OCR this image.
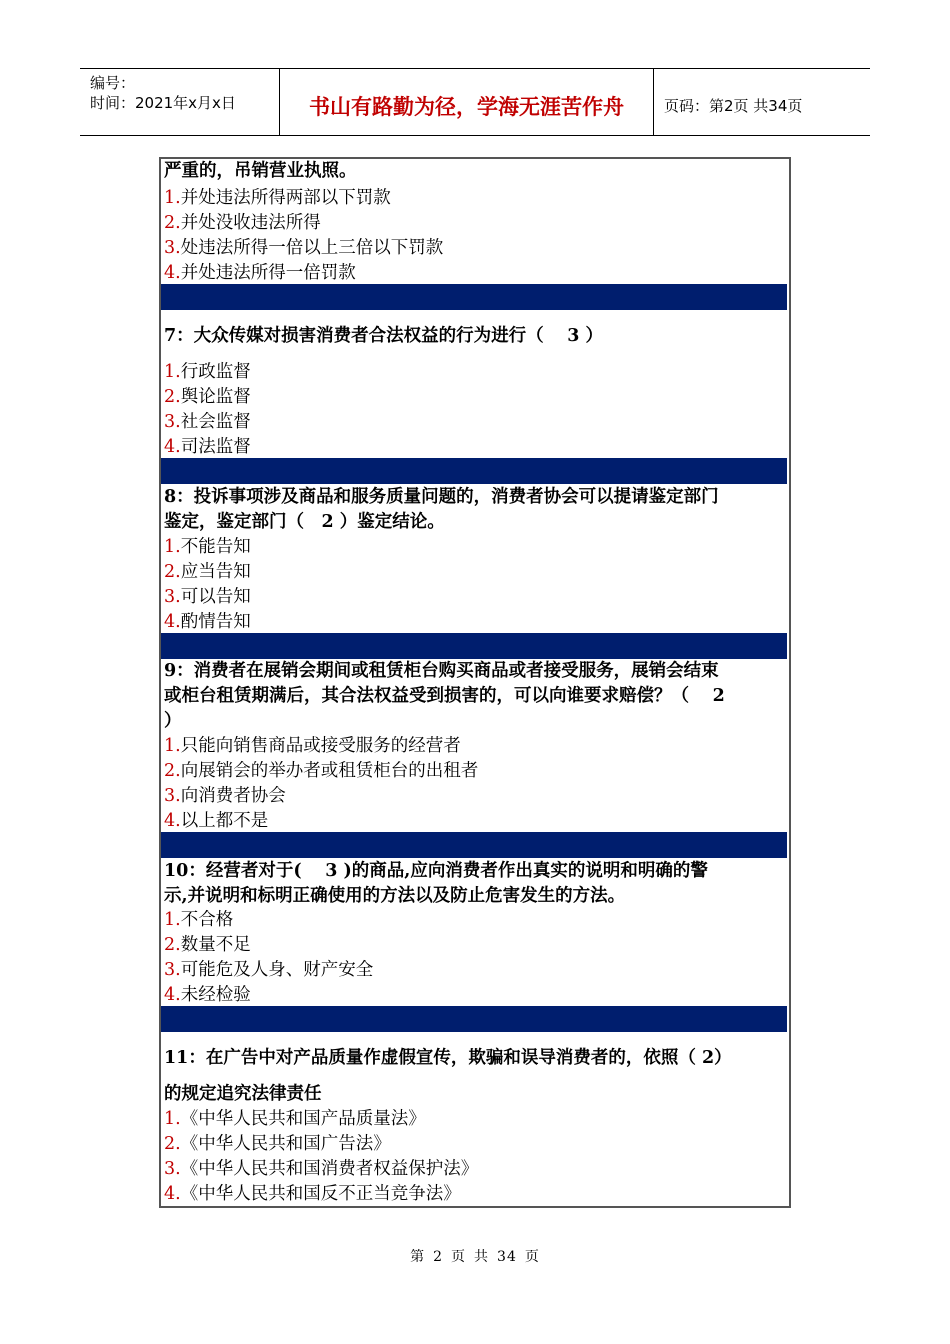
编号：
时间：2021年x月x日	书山有路勤为径，学海无涯苦作舟	页码：第2页 共34页
严重的，吊销营业执照。
1.并处违法所得两部以下罚款
2.并处没收违法所得
3.处违法所得一倍以上三倍以下罚款
4.并处违法所得一倍罚款
7：大众传媒对损害消费者合法权益的行为进行（　 3 ）
1.行政监督
2.舆论监督
3.社会监督
4.司法监督
8：投诉事项涉及商品和服务质量问题的，消费者协会可以提请鉴定部门
鉴定，鉴定部门（　2 ）鉴定结论。
1.不能告知
2.应当告知
3.可以告知
4.酌情告知
9：消费者在展销会期间或租赁柜台购买商品或者接受服务，展销会结束
或柜台租赁期满后，其合法权益受到损害的，可以向谁要求赔偿？（　 2
）
1.只能向销售商品或接受服务的经营者
2.向展销会的举办者或租赁柜台的出租者
3.向消费者协会
4.以上都不是
10：经营者对于(　 3 )的商品,应向消费者作出真实的说明和明确的警
示,并说明和标明正确使用的方法以及防止危害发生的方法。
1.不合格
2.数量不足
3.可能危及人身、财产安全
4.未经检验
11：在广告中对产品质量作虚假宣传，欺骗和误导消费者的，依照（ 2）
的规定追究法律责任
1.《中华人民共和国产品质量法》
2.《中华人民共和国广告法》
3.《中华人民共和国消费者权益保护法》
4.《中华人民共和国反不正当竞争法》
第 2 页 共 34 页
